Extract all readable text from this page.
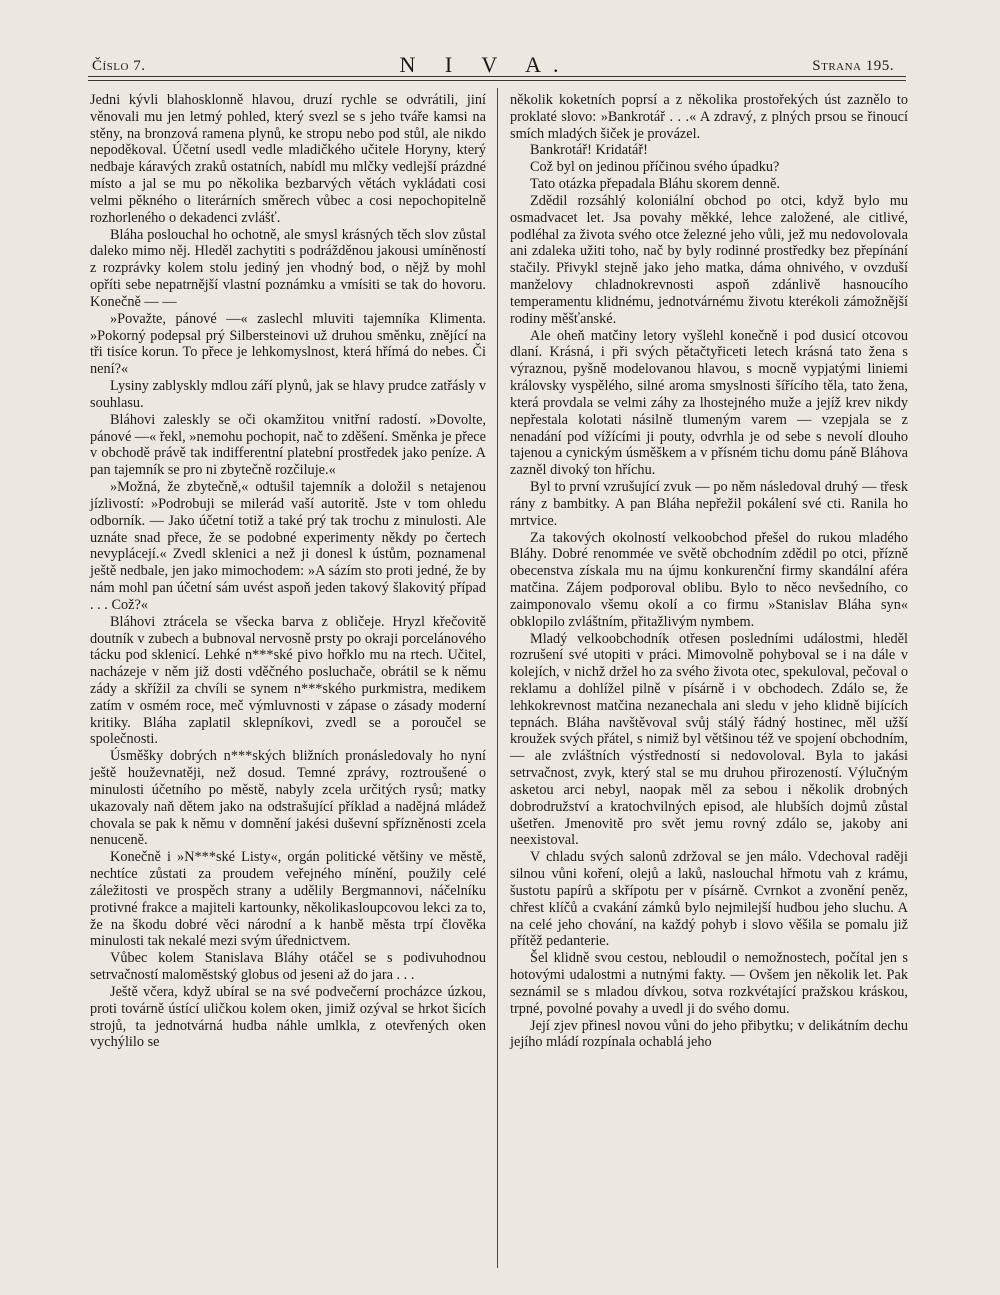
Číslo 7.	N I V A.	Strana 195.

Jedni kývli blahosklonně hlavou, druzí rychle se odvrátili, jiní věnovali mu jen letmý pohled, který svezl se s jeho tváře kamsi na stěny, na bronzová ramena plynů, ke stropu nebo pod stůl, ale nikdo nepoděkoval. Účetní usedl vedle mladičkého učitele Horyny, který nedbaje káravých zraků ostatních, nabídl mu mlčky vedlejší prázdné místo a jal se mu po několika bezbarvých větách vykládati cosi velmi pěkného o literárních směrech vůbec a cosi nepochopitelně rozhorleného o dekadenci zvlášť.

Bláha poslouchal ho ochotně, ale smysl krásných těch slov zůstal daleko mimo něj. Hleděl zachytiti s podrážděnou jakousi umíněností z rozprávky kolem stolu jediný jen vhodný bod, o nějž by mohl opříti sebe nepatrnější vlastní poznámku a vmísiti se tak do hovoru. Konečně — —

»Považte, pánové —« zaslechl mluviti tajemníka Klimenta. »Pokorný podepsal prý Silbersteinovi už druhou směnku, znějící na tři tisíce korun. To přece je lehkomyslnost, která hřímá do nebes. Či není?«

Lysiny zablyskly mdlou září plynů, jak se hlavy prudce zatřásly v souhlasu.

Bláhovi zaleskly se oči okamžitou vnitřní radostí. »Dovolte, pánové —« řekl, »nemohu pochopit, nač to zděšení. Směnka je přece v obchodě právě tak indifferentní platební prostředek jako peníze. A pan tajemník se pro ni zbytečně rozčiluje.«

»Možná, že zbytečně,« odtušil tajemník a doložil s netajenou jízlivostí: »Podrobuji se milerád vaší autoritě. Jste v tom ohledu odborník. — Jako účetní totiž a také prý tak trochu z minulosti. Ale uznáte snad přece, že se podobné experimenty někdy po čertech nevyplácejí.« Zvedl sklenici a než ji donesl k ústům, poznamenal ještě nedbale, jen jako mimochodem: »A sázím sto proti jedné, že by nám mohl pan účetní sám uvést aspoň jeden takový šlakovitý případ . . . Což?«

Bláhovi ztrácela se všecka barva z obličeje. Hryzl křečovitě doutník v zubech a bubnoval nervosně prsty po okraji porcelánového tácku pod sklenicí. Lehké n***ské pivo hořklo mu na rtech. Učitel, nacházeje v něm již dosti vděčného posluchače, obrátil se k němu zády a skřížil za chvíli se synem n***ského purkmistra, medikem zatím v osmém roce, meč výmluvnosti v zápase o zásady moderní kritiky. Bláha zaplatil sklepníkovi, zvedl se a poroučel se společnosti.

Úsměšky dobrých n***ských bližních pronásledovaly ho nyní ještě houževnatěji, než dosud. Temné zprávy, roztroušené o minulosti účetního po městě, nabyly zcela určitých rysů; matky ukazovaly naň dětem jako na odstrašující příklad a nadějná mládež chovala se pak k němu v domnění jakési duševní spřízněnosti zcela nenuceně.

Konečně i »N***ské Listy«, orgán politické většiny ve městě, nechtíce zůstati za proudem veřejného mínění, použily celé záležitosti ve prospěch strany a udělily Bergmannovi, náčelníku protivné frakce a majiteli kartounky, několikasloupcovou lekci za to, že na škodu dobré věci národní a k hanbě města trpí člověka minulosti tak nekalé mezi svým úřednictvem.

Vůbec kolem Stanislava Bláhy otáčel se s podivuhodnou setrvačností maloměstský globus od jeseni až do jara . . .

Ještě včera, když ubíral se na své podvečerní procházce úzkou, proti továrně ústící uličkou kolem oken, jimiž ozýval se hrkot šicích strojů, ta jednotvárná hudba náhle umlkla, z otevřených oken vychýlilo se

několik koketních poprsí a z několika prostořekých úst zaznělo to proklaté slovo: »Bankrotář . . .« A zdravý, z plných prsou se řinoucí smích mladých šiček je provázel.

Bankrotář! Kridatář!

Což byl on jedinou příčinou svého úpadku?

Tato otázka přepadala Bláhu skorem denně.

Zdědil rozsáhlý koloniální obchod po otci, když bylo mu osmadvacet let. Jsa povahy měkké, lehce založené, ale citlivé, podléhal za života svého otce železné jeho vůli, jež mu nedovolovala ani zdaleka užiti toho, nač by byly rodinné prostředky bez přepínání stačily. Přivykl stejně jako jeho matka, dáma ohnivého, v ovzduší manželovy chladnokrevnosti aspoň zdánlivě hasnoucího temperamentu klidnému, jednotvárnému životu kterékoli zámožnější rodiny měšťanské.

Ale oheň matčiny letory vyšlehl konečně i pod dusicí otcovou dlaní. Krásná, i při svých pětačtyřiceti letech krásná tato žena s výraznou, pyšně modelovanou hlavou, s mocně vypjatými liniemi královsky vyspělého, silné aroma smyslnosti šířícího těla, tato žena, která provdala se velmi záhy za lhostejného muže a jejíž krev nikdy nepřestala kolotati násilně tlumeným varem — vzepjala se z nenadání pod vížícími ji pouty, odvrhla je od sebe s nevolí dlouho tajenou a cynickým úsměškem a v přísném tichu domu páně Bláhova zazněl divoký ton hříchu.

Byl to první vzrušující zvuk — po něm následoval druhý — třesk rány z bambitky. A pan Bláha nepřežil pokálení své cti. Ranila ho mrtvice.

Za takových okolností velkoobchod přešel do rukou mladého Bláhy. Dobré renommée ve světě obchodním zdědil po otci, přízně obecenstva získala mu na újmu konkurenční firmy skandální aféra matčina. Zájem podporoval oblibu. Bylo to něco nevšedního, co zaimponovalo všemu okolí a co firmu »Stanislav Bláha syn« obklopilo zvláštním, přitažlivým nymbem.

Mladý velkoobchodník otřesen posledními událostmi, hleděl rozrušení své utopiti v práci. Mimovolně pohyboval se i na dále v kolejích, v nichž držel ho za svého života otec, spekuloval, pečoval o reklamu a dohlížel pilně v písárně i v obchodech. Zdálo se, že lehkokrevnost matčina nezanechala ani sledu v jeho klidně bijících tepnách. Bláha navštěvoval svůj stálý řádný hostinec, měl užší kroužek svých přátel, s nimiž byl většinou též ve spojení obchodním, — ale zvláštních výstředností si nedovoloval. Byla to jakási setrvačnost, zvyk, který stal se mu druhou přirozeností. Výlučným asketou arci nebyl, naopak měl za sebou i několik drobných dobrodružství a kratochvilných episod, ale hlubších dojmů zůstal ušetřen. Jmenovitě pro svět jemu rovný zdálo se, jakoby ani neexistoval.

V chladu svých salonů zdržoval se jen málo. Vdechoval raději silnou vůni koření, olejů a laků, naslouchal hřmotu vah z krámu, šustotu papírů a skřípotu per v písárně. Cvrnkot a zvonění peněz, chřest klíčů a cvakání zámků bylo nejmilejší hudbou jeho sluchu. A na celé jeho chování, na každý pohyb i slovo věšila se pomalu již přítěž pedanterie.

Šel klidně svou cestou, nebloudil o nemožnostech, počítal jen s hotovými udalostmi a nutnými fakty. — Ovšem jen několik let. Pak seznámil se s mladou dívkou, sotva rozkvétající pražskou kráskou, trpné, povolné povahy a uvedl ji do svého domu.

Její zjev přinesl novou vůni do jeho přibytku; v delikátním dechu jejího mládí rozpínala ochablá jeho
